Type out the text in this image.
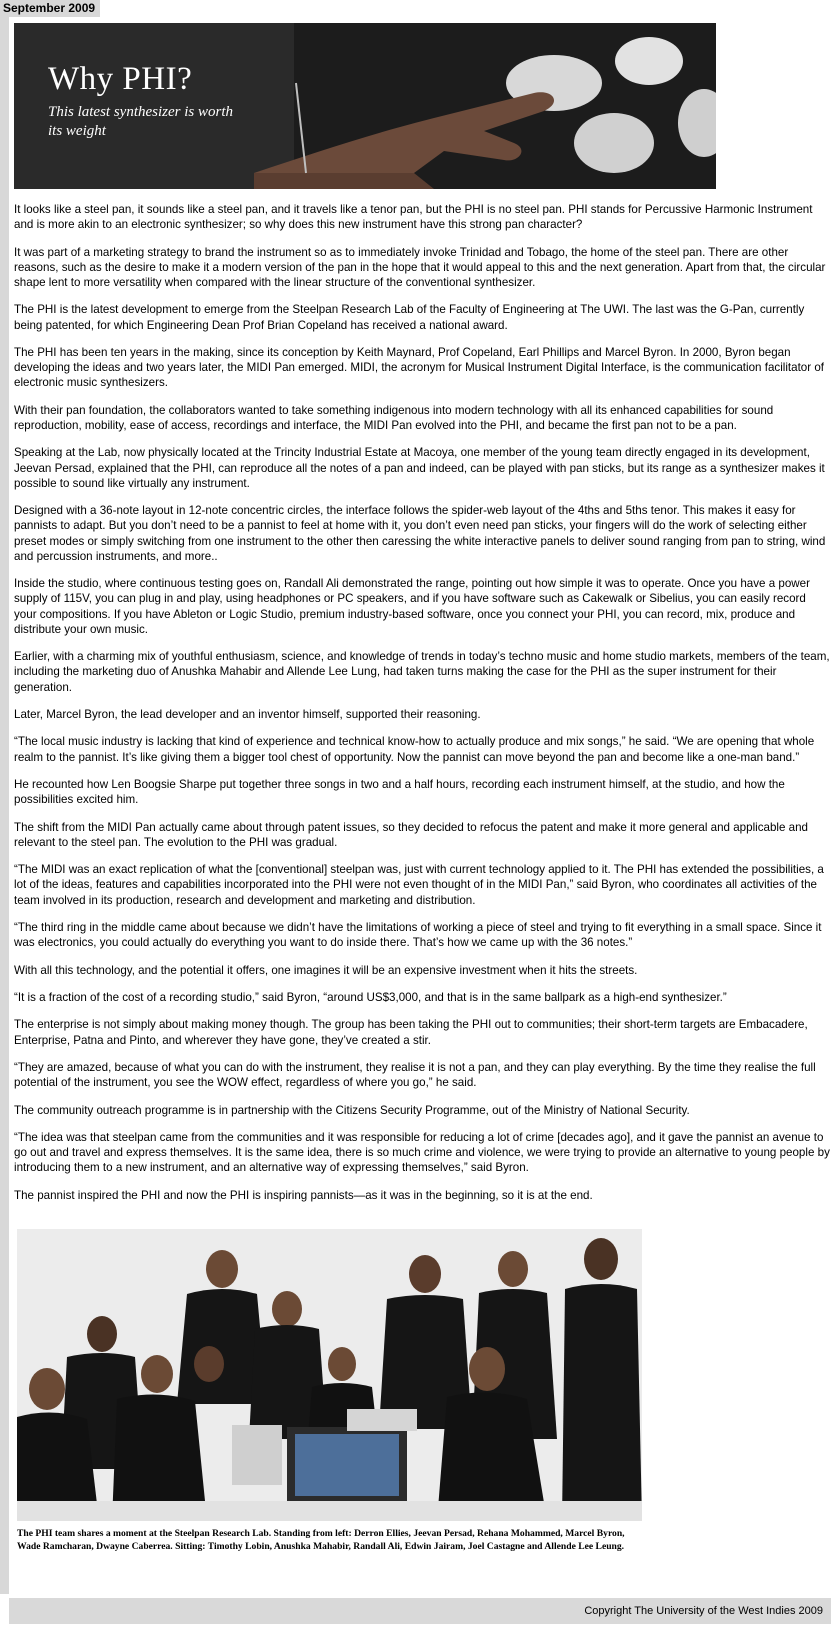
September 2009
Why PHI?
This latest synthesizer is worth its weight

It looks like a steel pan, it sounds like a steel pan, and it travels like a tenor pan, but the PHI is no steel pan. PHI stands for Percussive Harmonic Instrument and is more akin to an electronic synthesizer; so why does this new instrument have this strong pan character?

It was part of a marketing strategy to brand the instrument so as to immediately invoke Trinidad and Tobago, the home of the steel pan. There are other reasons, such as the desire to make it a modern version of the pan in the hope that it would appeal to this and the next generation. Apart from that, the circular shape lent to more versatility when compared with the linear structure of the conventional synthesizer.

The PHI is the latest development to emerge from the Steelpan Research Lab of the Faculty of Engineering at The UWI. The last was the G-Pan, currently being patented, for which Engineering Dean Prof Brian Copeland has received a national award.

The PHI has been ten years in the making, since its conception by Keith Maynard, Prof Copeland, Earl Phillips and Marcel Byron. In 2000, Byron began developing the ideas and two years later, the MIDI Pan emerged. MIDI, the acronym for Musical Instrument Digital Interface, is the communication facilitator of electronic music synthesizers.

With their pan foundation, the collaborators wanted to take something indigenous into modern technology with all its enhanced capabilities for sound reproduction, mobility, ease of access, recordings and interface, the MIDI Pan evolved into the PHI, and became the first pan not to be a pan.

Speaking at the Lab, now physically located at the Trincity Industrial Estate at Macoya, one member of the young team directly engaged in its development, Jeevan Persad, explained that the PHI, can reproduce all the notes of a pan and indeed, can be played with pan sticks, but its range as a synthesizer makes it possible to sound like virtually any instrument.

Designed with a 36-note layout in 12-note concentric circles, the interface follows the spider-web layout of the 4ths and 5ths tenor. This makes it easy for pannists to adapt. But you don’t need to be a pannist to feel at home with it, you don’t even need pan sticks, your fingers will do the work of selecting either preset modes or simply switching from one instrument to the other then caressing the white interactive panels to deliver sound ranging from pan to string, wind and percussion instruments, and more..

Inside the studio, where continuous testing goes on, Randall Ali demonstrated the range, pointing out how simple it was to operate. Once you have a power supply of 115V, you can plug in and play, using headphones or PC speakers, and if you have software such as Cakewalk or Sibelius, you can easily record your compositions. If you have Ableton or Logic Studio, premium industry-based software, once you connect your PHI, you can record, mix, produce and distribute your own music.

Earlier, with a charming mix of youthful enthusiasm, science, and knowledge of trends in today’s techno music and home studio markets, members of the team, including the marketing duo of Anushka Mahabir and Allende Lee Lung, had taken turns making the case for the PHI as the super instrument for their generation.

Later, Marcel Byron, the lead developer and an inventor himself, supported their reasoning.

“The local music industry is lacking that kind of experience and technical know-how to actually produce and mix songs,” he said. “We are opening that whole realm to the pannist. It’s like giving them a bigger tool chest of opportunity. Now the pannist can move beyond the pan and become like a one-man band.”

He recounted how Len Boogsie Sharpe put together three songs in two and a half hours, recording each instrument himself, at the studio, and how the possibilities excited him.

The shift from the MIDI Pan actually came about through patent issues, so they decided to refocus the patent and make it more general and applicable and relevant to the steel pan. The evolution to the PHI was gradual.

“The MIDI was an exact replication of what the [conventional] steelpan was, just with current technology applied to it. The PHI has extended the possibilities, a lot of the ideas, features and capabilities incorporated into the PHI were not even thought of in the MIDI Pan,” said Byron, who coordinates all activities of the team involved in its production, research and development and marketing and distribution.

“The third ring in the middle came about because we didn’t have the limitations of working a piece of steel and trying to fit everything in a small space. Since it was electronics, you could actually do everything you want to do inside there. That’s how we came up with the 36 notes.”

With all this technology, and the potential it offers, one imagines it will be an expensive investment when it hits the streets.

“It is a fraction of the cost of a recording studio,” said Byron, “around US$3,000, and that is in the same ballpark as a high-end synthesizer.”

The enterprise is not simply about making money though. The group has been taking the PHI out to communities; their short-term targets are Embacadere, Enterprise, Patna and Pinto, and wherever they have gone, they’ve created a stir.

“They are amazed, because of what you can do with the instrument, they realise it is not a pan, and they can play everything. By the time they realise the full potential of the instrument, you see the WOW effect, regardless of where you go,” he said.

The community outreach programme is in partnership with the Citizens Security Programme, out of the Ministry of National Security.

“The idea was that steelpan came from the communities and it was responsible for reducing a lot of crime [decades ago], and it gave the pannist an avenue to go out and travel and express themselves. It is the same idea, there is so much crime and violence, we were trying to provide an alternative to young people by introducing them to a new instrument, and an alternative way of expressing themselves,” said Byron.

The pannist inspired the PHI and now the PHI is inspiring pannists—as it was in the beginning, so it is at the end.

The PHI team shares a moment at the Steelpan Research Lab. Standing from left: Derron Ellies, Jeevan Persad, Rehana Mohammed, Marcel Byron, Wade Ramcharan, Dwayne Caberrea. Sitting: Timothy Lobin, Anushka Mahabir, Randall Ali, Edwin Jairam, Joel Castagne and Allende Lee Leung.
Copyright The University of the West Indies 2009
